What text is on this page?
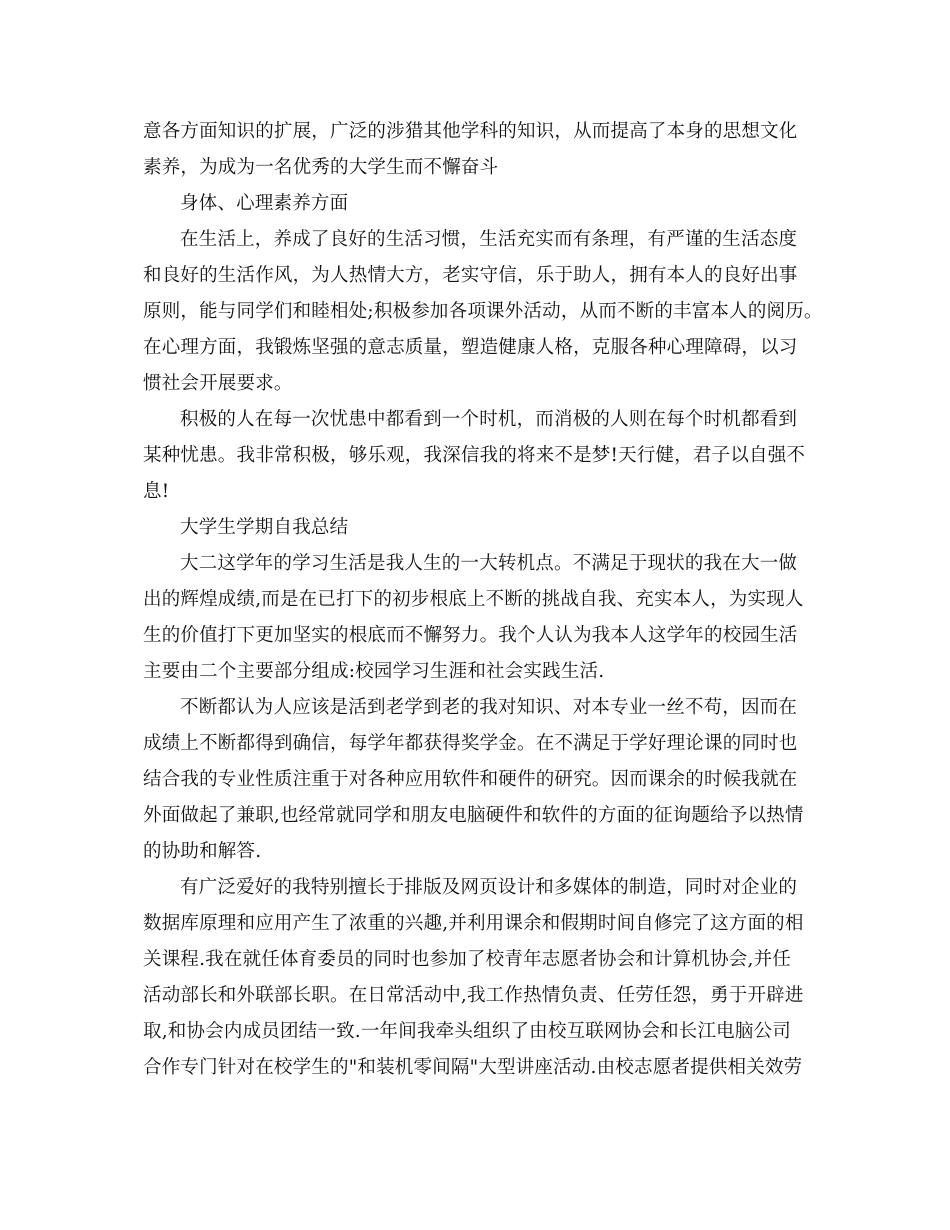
意各方面知识的扩展，广泛的涉猎其他学科的知识，从而提高了本身的思想文化
素养，为成为一名优秀的大学生而不懈奋斗
身体、心理素养方面
在生活上，养成了良好的生活习惯，生活充实而有条理，有严谨的生活态度
和良好的生活作风，为人热情大方，老实守信，乐于助人，拥有本人的良好出事
原则，能与同学们和睦相处;积极参加各项课外活动，从而不断的丰富本人的阅历。
在心理方面，我锻炼坚强的意志质量，塑造健康人格，克服各种心理障碍，以习
惯社会开展要求。
积极的人在每一次忧患中都看到一个时机，而消极的人则在每个时机都看到
某种忧患。我非常积极，够乐观，我深信我的将来不是梦!天行健，君子以自强不
息!
大学生学期自我总结
大二这学年的学习生活是我人生的一大转机点。不满足于现状的我在大一做
出的辉煌成绩,而是在已打下的初步根底上不断的挑战自我、充实本人，为实现人
生的价值打下更加坚实的根底而不懈努力。我个人认为我本人这学年的校园生活
主要由二个主要部分组成:校园学习生涯和社会实践生活.
不断都认为人应该是活到老学到老的我对知识、对本专业一丝不苟，因而在
成绩上不断都得到确信，每学年都获得奖学金。在不满足于学好理论课的同时也
结合我的专业性质注重于对各种应用软件和硬件的研究。因而课余的时候我就在
外面做起了兼职,也经常就同学和朋友电脑硬件和软件的方面的征询题给予以热情
的协助和解答.
有广泛爱好的我特别擅长于排版及网页设计和多媒体的制造，同时对企业的
数据库原理和应用产生了浓重的兴趣,并利用课余和假期时间自修完了这方面的相
关课程.我在就任体育委员的同时也参加了校青年志愿者协会和计算机协会,并任
活动部长和外联部长职。在日常活动中,我工作热情负责、任劳任怨，勇于开辟进
取,和协会内成员团结一致.一年间我牵头组织了由校互联网协会和长江电脑公司
合作专门针对在校学生的"和装机零间隔"大型讲座活动.由校志愿者提供相关效劳
